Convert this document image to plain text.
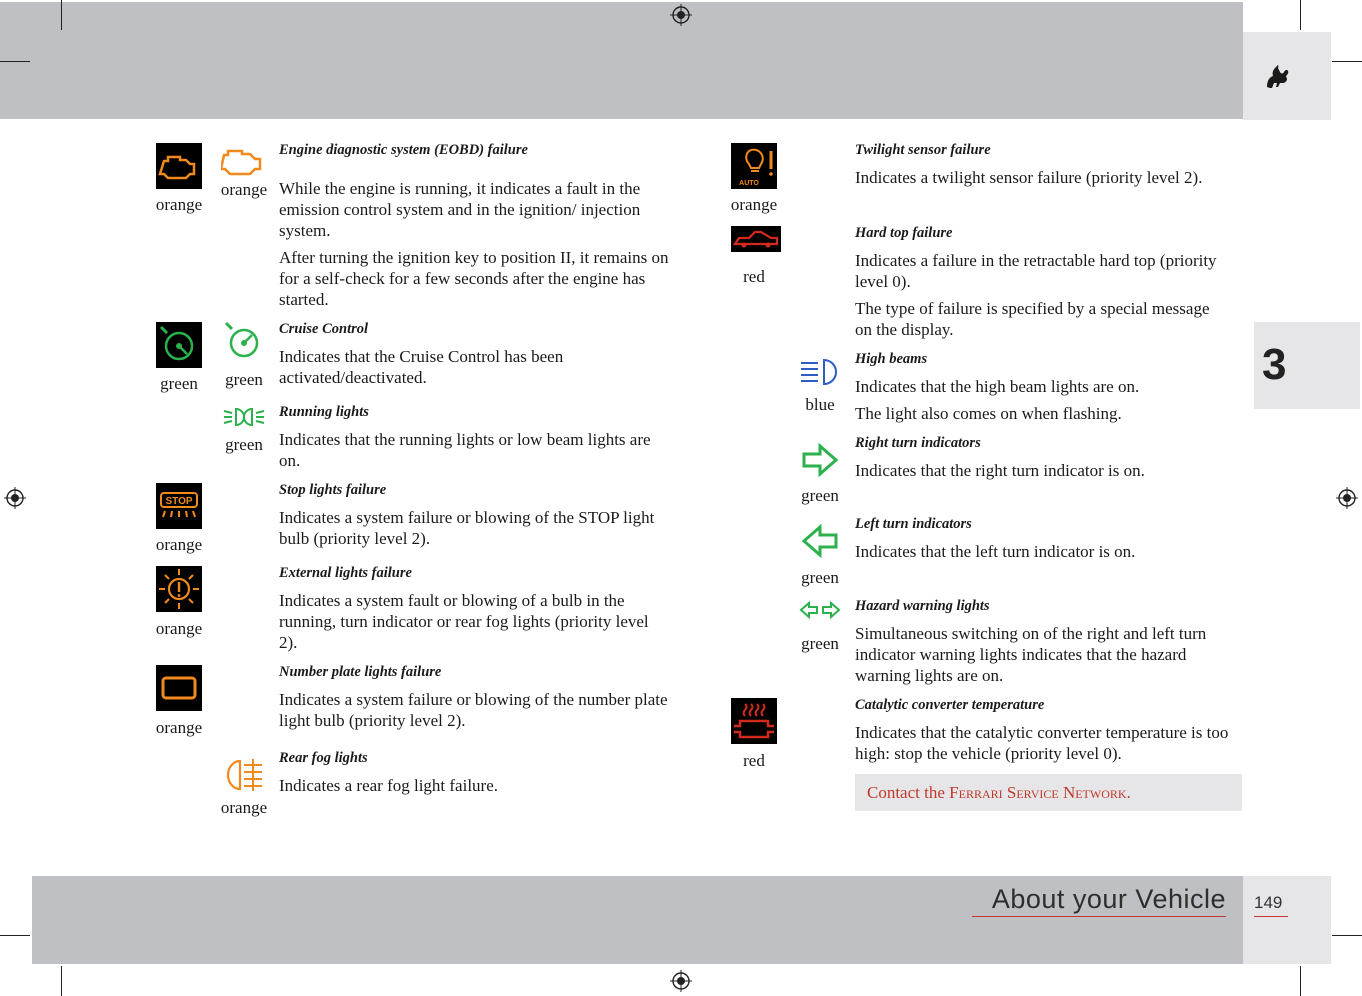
3
About your Vehicle 149
orange
orange
Engine diagnostic system (EOBD) failure

While the engine is running, it indicates a fault in the emission control system and in the ignition/ injection system.

After turning the ignition key to position II, it remains on for a self-check for a few seconds after the engine has started.

green	green
Cruise Control

Indicates that the Cruise Control has been activated/deactivated.

green
Running lights

Indicates that the running lights or low beam lights are on.

STOP
orange
Stop lights failure

Indicates a system failure or blowing of the STOP light bulb (priority level 2).

orange
External lights failure

Indicates a system fault or blowing of a bulb in the running, turn indicator or rear fog lights (priority level 2).

orange
Number plate lights failure

Indicates a system failure or blowing of the number plate light bulb (priority level 2).

orange
Rear fog lights

Indicates a rear fog light failure.

AUTO
orange
Twilight sensor failure

Indicates a twilight sensor failure (priority level 2).

red
Hard top failure

Indicates a failure in the retractable hard top (priority level 0).

The type of failure is specified by a special message on the display.

blue
High beams

Indicates that the high beam lights are on.

The light also comes on when flashing.

green
Right turn indicators

Indicates that the right turn indicator is on.

green
Left turn indicators

Indicates that the left turn indicator is on.

green
Hazard warning lights

Simultaneous switching on of the right and left turn indicator warning lights indicates that the hazard warning lights are on.

red
Catalytic converter temperature

Indicates that the catalytic converter temperature is too high: stop the vehicle (priority level 0).

Contact the Ferrari Service Network.
